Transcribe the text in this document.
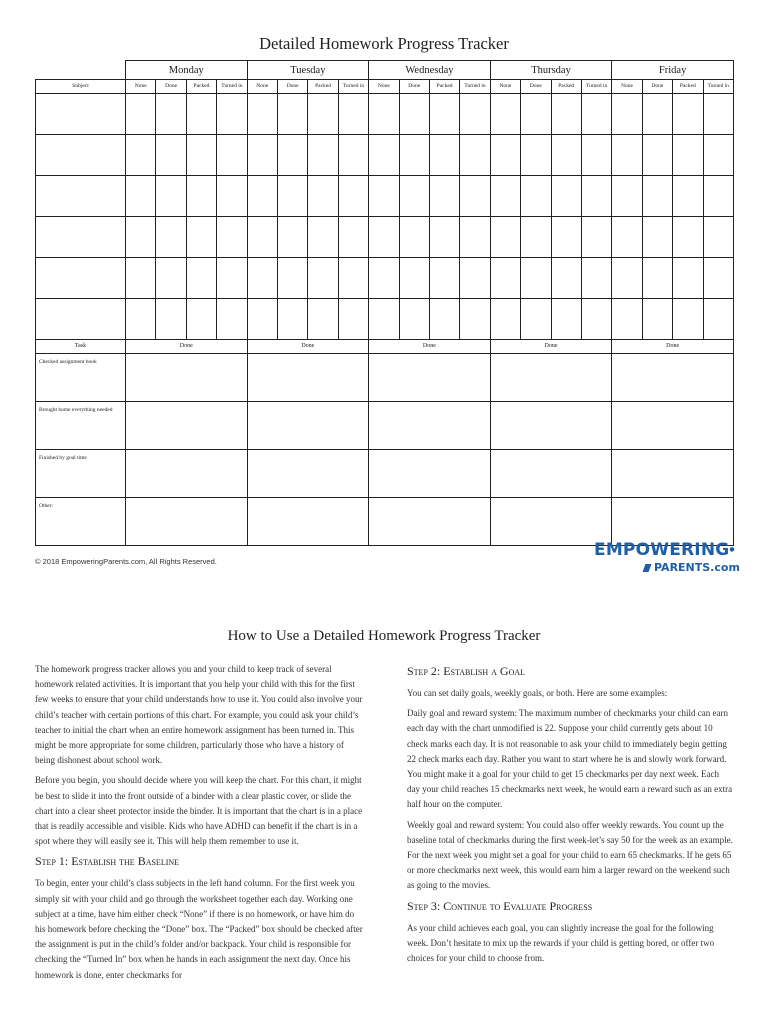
Detailed Homework Progress Tracker
	Monday				Tuesday				Wednesday				Thursday				Friday			
Subject	None	Done	Packed	Turned in	None	Done	Packed	Turned in	None	Done	Packed	Turned in	None	Done	Packed	Turned in	None	Done	Packed	Turned in

Task	Done				Done				Done				Done				Done			
Checked assignment book																				
Brought home everything needed																				
Finished by goal time																				
Other:																				
© 2018 EmpoweringParents.com, All Rights Reserved.
EMPOWERING●
PARENTS.com
How to Use a Detailed Homework Progress Tracker

The homework progress tracker allows you and your child to keep track of several homework related activities. It is important that you help your child with this for the first few weeks to ensure that your child understands how to use it. You could also involve your child’s teacher with certain portions of this chart. For example, you could ask your child’s teacher to initial the chart when an entire homework assignment has been turned in. This might be more appropriate for some children, particularly those who have a history of being dishonest about school work.

Before you begin, you should decide where you will keep the chart. For this chart, it might be best to slide it into the front outside of a binder with a clear plastic cover, or slide the chart into a clear sheet protector inside the binder. It is important that the chart is in a place that is readily accessible and visible. Kids who have ADHD can benefit if the chart is in a spot where they will easily see it. This will help them remember to use it.

Step 1: Establish the Baseline

To begin, enter your child’s class subjects in the left hand column. For the first week you simply sit with your child and go through the worksheet together each day. Working one subject at a time, have him either check “None” if there is no homework, or have him do his homework before checking the “Done” box. The “Packed” box should be checked after the assignment is put in the child’s folder and/or backpack. Your child is responsible for checking the “Turned In” box when he hands in each assignment the next day. Once his homework is done, enter checkmarks for

Step 2: Establish a Goal

You can set daily goals, weekly goals, or both. Here are some examples:

Daily goal and reward system: The maximum number of checkmarks your child can earn each day with the chart unmodified is 22. Suppose your child currently gets about 10 check marks each day. It is not reasonable to ask your child to immediately begin getting 22 check marks each day. Rather you want to start where he is and slowly work forward. You might make it a goal for your child to get 15 checkmarks per day next week. Each day your child reaches 15 checkmarks next week, he would earn a reward such as an extra half hour on the computer.

Weekly goal and reward system: You could also offer weekly rewards. You count up the baseline total of checkmarks during the first week-let’s say 50 for the week as an example. For the next week you might set a goal for your child to earn 65 checkmarks. If he gets 65 or more checkmarks next week, this would earn him a larger reward on the weekend such as going to the movies.

Step 3: Continue to Evaluate Progress

As your child achieves each goal, you can slightly increase the goal for the following week. Don’t hesitate to mix up the rewards if your child is getting bored, or offer two choices for your child to choose from.
